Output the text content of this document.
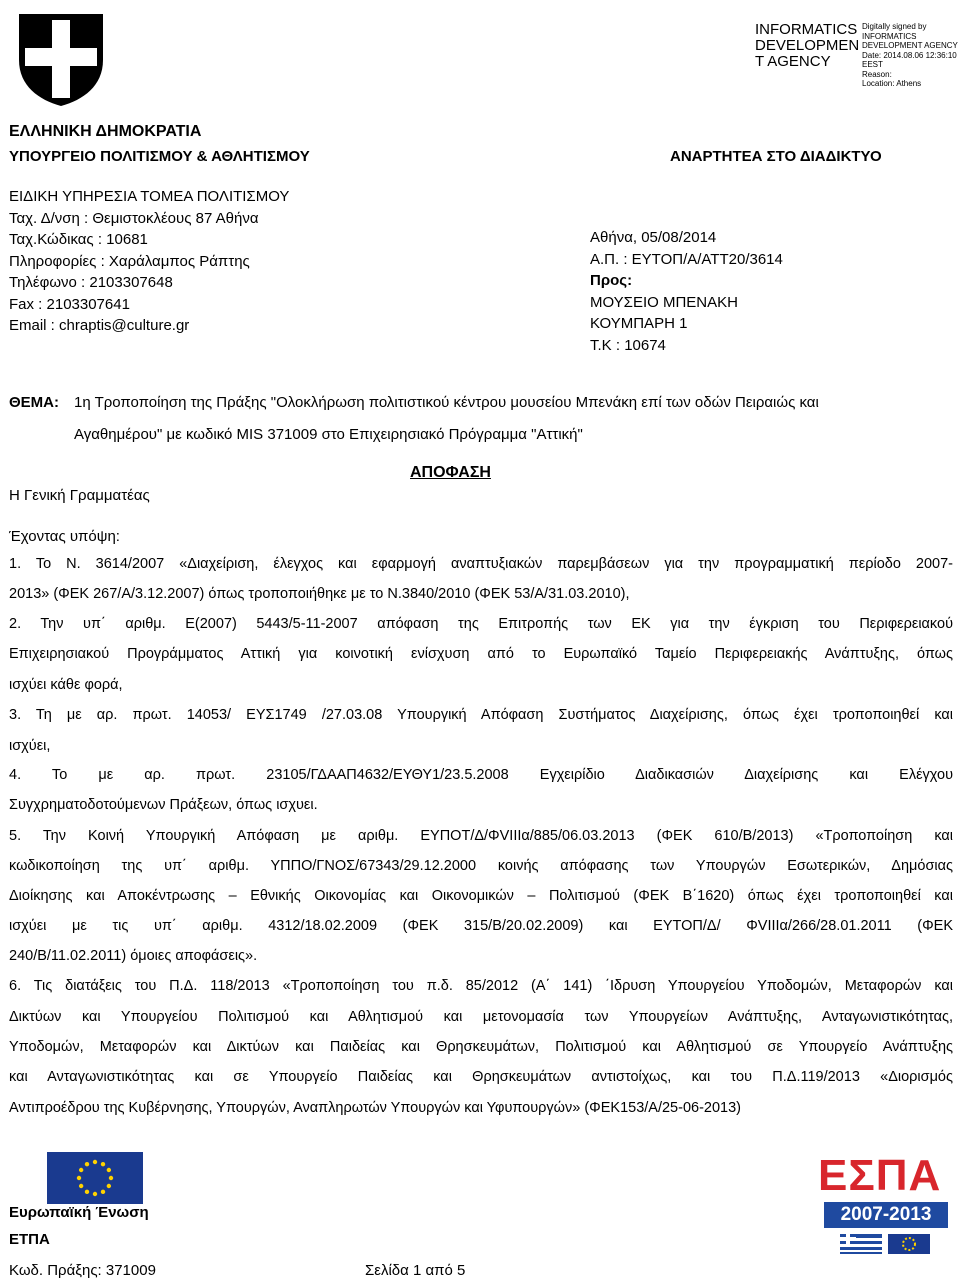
INFORMATICS DEVELOPMEN T AGENCY
Digitally signed by
INFORMATICS
DEVELOPMENT AGENCY
Date: 2014.08.06 12:36:10
EEST
Reason:
Location: Athens
ΕΛΛΗΝΙΚΗ ΔΗΜΟΚΡΑΤΙΑ
ΥΠΟΥΡΓΕΙΟ ΠΟΛΙΤΙΣΜΟΥ & ΑΘΛΗΤΙΣΜΟΥ	ΑΝΑΡΤΗΤΕΑ ΣΤΟ ΔΙΑΔΙΚΤΥΟ
ΕΙΔΙΚΗ ΥΠΗΡΕΣΙΑ ΤΟΜΕΑ ΠΟΛΙΤΙΣΜΟΥ
Ταχ. Δ/νση : Θεμιστοκλέους 87 Αθήνα
Ταχ.Κώδικας : 10681
Πληροφορίες : Χαράλαμπος Ράπτης
Τηλέφωνο : 2103307648
Fax : 2103307641
Email : chraptis@culture.gr
Αθήνα, 05/08/2014
Α.Π. : ΕΥΤΟΠ/Α/ΑΤΤ20/3614
Προς:
ΜΟΥΣΕΙΟ ΜΠΕΝΑΚΗ
ΚΟΥΜΠΑΡΗ 1
Τ.Κ : 10674
ΘΕΜΑ: 1η Τροποποίηση της Πράξης "Ολοκλήρωση πολιτιστικού κέντρου μουσείου Μπενάκη επί των οδών Πειραιώς και
Αγαθημέρου" με κωδικό MIS 371009 στο Επιχειρησιακό Πρόγραμμα "Αττική"
ΑΠΟΦΑΣΗ
Η Γενική Γραμματέας
Έχοντας υπόψη:
1. Το Ν. 3614/2007 «Διαχείριση, έλεγχος και εφαρμογή αναπτυξιακών παρεμβάσεων για την προγραμματική περίοδο 2007-
2013» (ΦΕΚ 267/Α/3.12.2007) όπως τροποποιήθηκε με το Ν.3840/2010 (ΦΕΚ 53/Α/31.03.2010),
2. Την υπ΄ αριθμ. Ε(2007) 5443/5-11-2007 απόφαση της Επιτροπής των ΕΚ για την έγκριση του Περιφερειακού
Επιχειρησιακού Προγράμματος Αττική για κοινοτική ενίσχυση από το Ευρωπαϊκό Ταμείο Περιφερειακής Ανάπτυξης, όπως
ισχύει κάθε φορά,
3. Τη με αρ. πρωτ. 14053/ ΕΥΣ1749 /27.03.08 Υπουργική Απόφαση Συστήματος Διαχείρισης, όπως έχει τροποποιηθεί και
ισχύει,
4. Το με αρ. πρωτ. 23105/ΓΔΑΑΠ4632/ΕΥΘΥ1/23.5.2008 Εγχειρίδιο Διαδικασιών Διαχείρισης και Ελέγχου
Συγχρηματοδοτούμενων Πράξεων, όπως ισχυει.
5. Την Κοινή Υπουργική Απόφαση με αριθμ. ΕΥΠΟΤ/Δ/ΦVIIIα/885/06.03.2013 (ΦΕΚ 610/Β/2013) «Τροποποίηση και
κωδικοποίηση της υπ΄ αριθμ. ΥΠΠΟ/ΓΝΟΣ/67343/29.12.2000 κοινής απόφασης των Υπουργών Εσωτερικών, Δημόσιας
Διοίκησης και Αποκέντρωσης – Εθνικής Οικονομίας και Οικονομικών – Πολιτισμού (ΦΕΚ Β΄1620) όπως έχει τροποποιηθεί και
ισχύει με τις υπ΄ αριθμ. 4312/18.02.2009 (ΦΕΚ 315/Β/20.02.2009) και ΕΥΤΟΠ/Δ/ ΦVIIIα/266/28.01.2011 (ΦΕΚ
240/Β/11.02.2011) όμοιες αποφάσεις».
6. Τις διατάξεις του Π.Δ. 118/2013 «Τροποποίηση του π.δ. 85/2012 (Α΄ 141) ΄Ιδρυση Υπουργείου Υποδομών, Μεταφορών και
Δικτύων και Υπουργείου Πολιτισμού και Αθλητισμού και μετονομασία των Υπουργείων Ανάπτυξης, Ανταγωνιστικότητας,
Υποδομών, Μεταφορών και Δικτύων και Παιδείας και Θρησκευμάτων, Πολιτισμού και Αθλητισμού σε Υπουργείο Ανάπτυξης
και Ανταγωνιστικότητας και σε Υπουργείο Παιδείας και Θρησκευμάτων αντιστοίχως, και του Π.Δ.119/2013 «Διορισμός
Αντιπροέδρου της Κυβέρνησης, Υπουργών, Αναπληρωτών Υπουργών και Υφυπουργών» (ΦΕΚ153/Α/25-06-2013)
Ευρωπαϊκή Ένωση
ΕΤΠΑ
ΕΣΠΑ
2007-2013
Κωδ. Πράξης: 371009	Σελίδα 1 από 5
